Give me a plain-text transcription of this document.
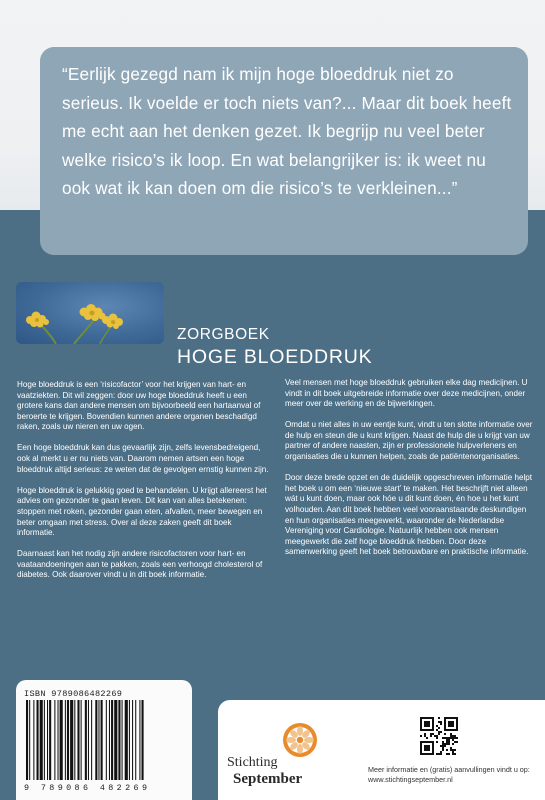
“Eerlijk gezegd nam ik mijn hoge bloeddruk niet zo serieus. Ik voelde er toch niets van?... Maar dit boek heeft me echt aan het denken gezet. Ik begrijp nu veel beter welke risico’s ik loop. En wat belangrijker is: ik weet nu ook wat ik kan doen om die risico’s te verkleinen...”
ZORGBOEK
HOGE BLOEDDRUK

Hoge bloeddruk is een ‘risicofactor’ voor het krijgen van hart- en vaatziekten. Dit wil zeggen: door uw hoge bloeddruk heeft u een grotere kans dan andere mensen om bijvoorbeeld een hartaanval of beroerte te krijgen. Bovendien kunnen andere organen beschadigd raken, zoals uw nieren en uw ogen.

Een hoge bloeddruk kan dus gevaarlijk zijn, zelfs levensbedreigend, ook al merkt u er nu niets van. Daarom nemen artsen een hoge bloeddruk altijd serieus: ze weten dat de gevolgen ernstig kunnen zijn.

Hoge bloeddruk is gelukkig goed te behandelen. U krijgt allereerst het advies om gezonder te gaan leven. Dit kan van alles betekenen: stoppen met roken, gezonder gaan eten, afvallen, meer bewegen en beter omgaan met stress. Over al deze zaken geeft dit boek informatie.

Daarnaast kan het nodig zijn andere risicofactoren voor hart- en vaataandoeningen aan te pakken, zoals een verhoogd cholesterol of diabetes. Ook daarover vindt u in dit boek informatie.

Veel mensen met hoge bloeddruk gebruiken elke dag medicijnen. U vindt in dit boek uitgebreide informatie over deze medicijnen, onder meer over de werking en de bijwerkingen.

Omdat u niet alles in uw eentje kunt, vindt u ten slotte informatie over de hulp en steun die u kunt krijgen. Naast de hulp die u krijgt van uw partner of andere naasten, zijn er professionele hulpverleners en organisaties die u kunnen helpen, zoals de patiëntenorganisaties.

Door deze brede opzet en de duidelijk opgeschreven informatie helpt het boek u om een ‘nieuwe start’ te maken. Het beschrijft niet alleen wát u kunt doen, maar ook hóe u dit kunt doen, én hoe u het kunt volhouden. Aan dit boek hebben veel vooraanstaande deskundigen en hun organisaties meegewerkt, waaronder de Nederlandse Vereniging voor Cardiologie. Natuurlijk hebben ook mensen meegewerkt die zelf hoge bloeddruk hebben. Door deze samenwerking geeft het boek betrouwbare en praktische informatie.

ISBN 9789086482269
9 789086 482269
Stichting
September
Meer informatie en (gratis) aanvullingen vindt u op: www.stichtingseptember.nl
